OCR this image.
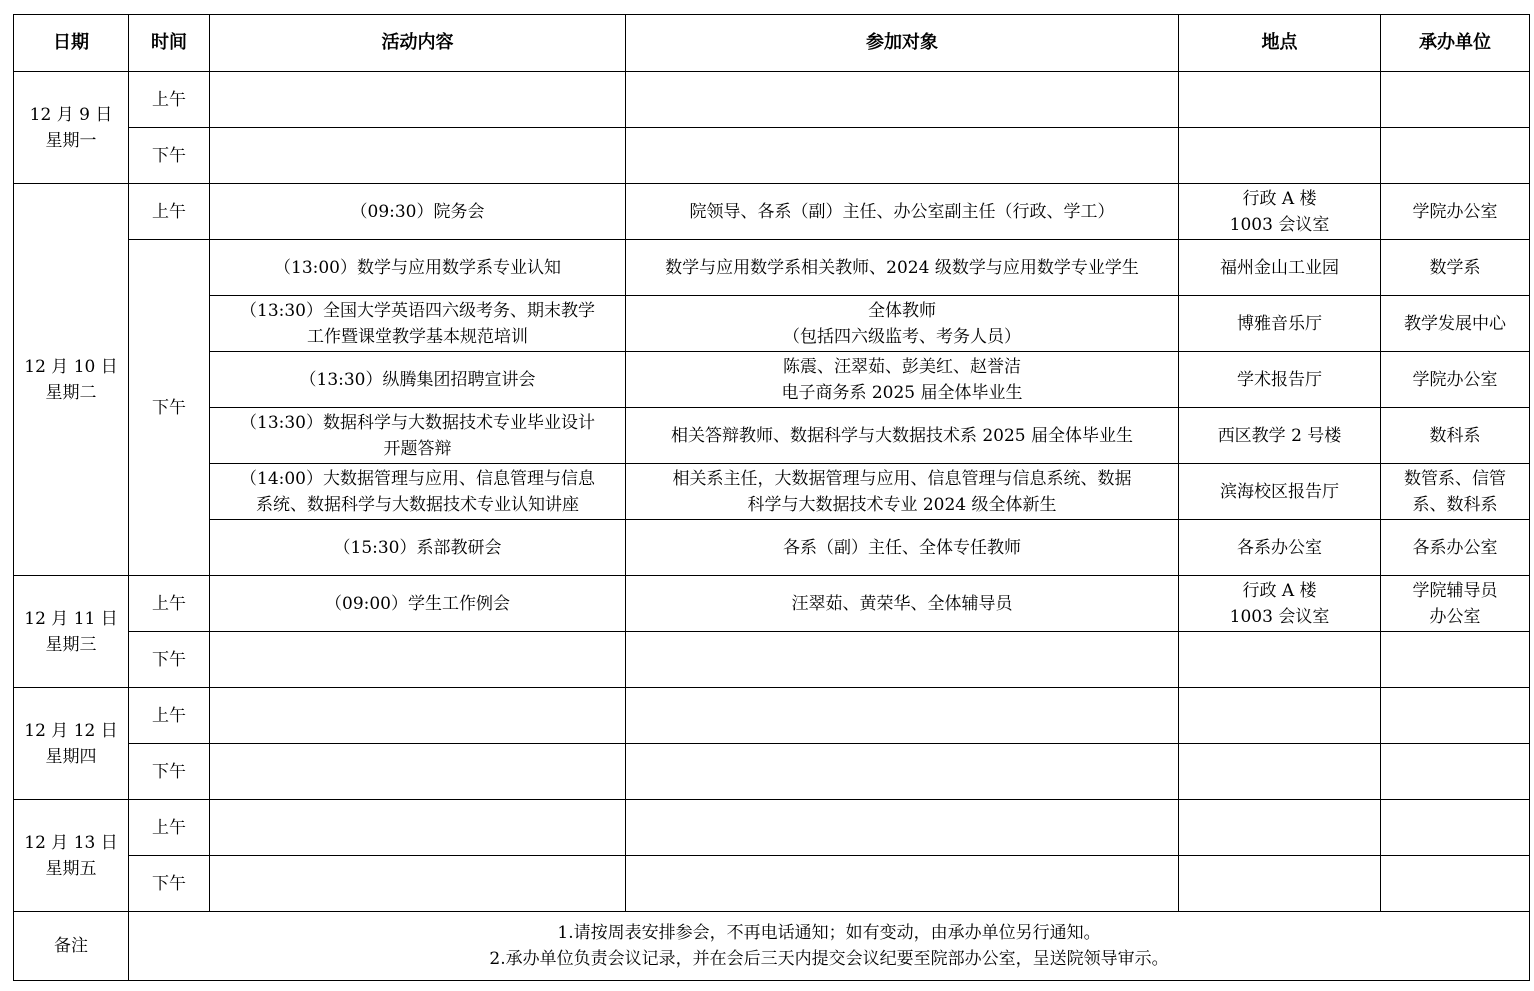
日期	时间	活动内容	参加对象	地点	承办单位

12 月 9 日
星期一	上午				
	下午				

12 月 10 日
星期二	上午	（09:30）院务会	院领导、各系（副）主任、办公室副主任（行政、学工）	行政 A 楼
1003 会议室	学院办公室

	下午	（13:00）数学与应用数学系专业认知	数学与应用数学系相关教师、2024 级数学与应用数学专业学生	福州金山工业园	数学系

		（13:30）全国大学英语四六级考务、期末教学
工作暨课堂教学基本规范培训	全体教师
（包括四六级监考、考务人员）	博雅音乐厅	教学发展中心

		（13:30）纵腾集团招聘宣讲会	陈震、汪翠茹、彭美红、赵誉洁
电子商务系 2025 届全体毕业生	学术报告厅	学院办公室

		（13:30）数据科学与大数据技术专业毕业设计
开题答辩	相关答辩教师、数据科学与大数据技术系 2025 届全体毕业生	西区教学 2 号楼	数科系

		（14:00）大数据管理与应用、信息管理与信息
系统、数据科学与大数据技术专业认知讲座	相关系主任，大数据管理与应用、信息管理与信息系统、数据
科学与大数据技术专业 2024 级全体新生	滨海校区报告厅	数管系、信管
系、数科系

		（15:30）系部教研会	各系（副）主任、全体专任教师	各系办公室	各系办公室

12 月 11 日
星期三	上午	（09:00）学生工作例会	汪翠茹、黄荣华、全体辅导员	行政 A 楼
1003 会议室	学院辅导员
办公室

	下午				

12 月 12 日
星期四	上午				
	下午				

12 月 13 日
星期五	上午				
	下午				
备注	1.请按周表安排参会，不再电话通知；如有变动，由承办单位另行通知。
2.承办单位负责会议记录，并在会后三天内提交会议纪要至院部办公室，呈送院领导审示。				
